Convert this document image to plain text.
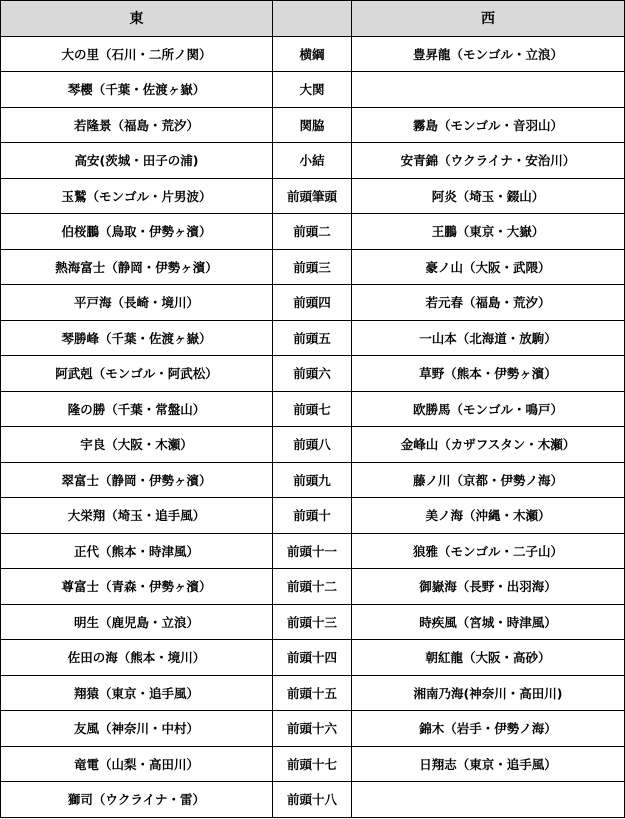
東		西
大の里（石川・二所ノ関）	横綱	豊昇龍（モンゴル・立浪）
琴櫻（千葉・佐渡ヶ嶽）	大関	
若隆景（福島・荒汐）	関脇	霧島（モンゴル・音羽山）
高安(茨城・田子の浦)	小結	安青錦（ウクライナ・安治川）
玉鷲（モンゴル・片男波）	前頭筆頭	阿炎（埼玉・錣山）
伯桜鵬（鳥取・伊勢ヶ濱）	前頭二	王鵬（東京・大嶽）
熱海富士（静岡・伊勢ヶ濱）	前頭三	豪ノ山（大阪・武隈）
平戸海（長崎・境川）	前頭四	若元春（福島・荒汐）
琴勝峰（千葉・佐渡ヶ嶽）	前頭五	一山本（北海道・放駒）
阿武剋（モンゴル・阿武松）	前頭六	草野（熊本・伊勢ヶ濱）
隆の勝（千葉・常盤山）	前頭七	欧勝馬（モンゴル・鳴戸）
宇良（大阪・木瀬）	前頭八	金峰山（カザフスタン・木瀬）
翠富士（静岡・伊勢ヶ濱）	前頭九	藤ノ川（京都・伊勢ノ海）
大栄翔（埼玉・追手風）	前頭十	美ノ海（沖縄・木瀬）
正代（熊本・時津風）	前頭十一	狼雅（モンゴル・二子山）
尊富士（青森・伊勢ヶ濱）	前頭十二	御嶽海（長野・出羽海）
明生（鹿児島・立浪）	前頭十三	時疾風（宮城・時津風）
佐田の海（熊本・境川）	前頭十四	朝紅龍（大阪・高砂）
翔猿（東京・追手風）	前頭十五	湘南乃海(神奈川・高田川)
友風（神奈川・中村）	前頭十六	錦木（岩手・伊勢ノ海）
竜電（山梨・高田川）	前頭十七	日翔志（東京・追手風）
獅司（ウクライナ・雷）	前頭十八	
